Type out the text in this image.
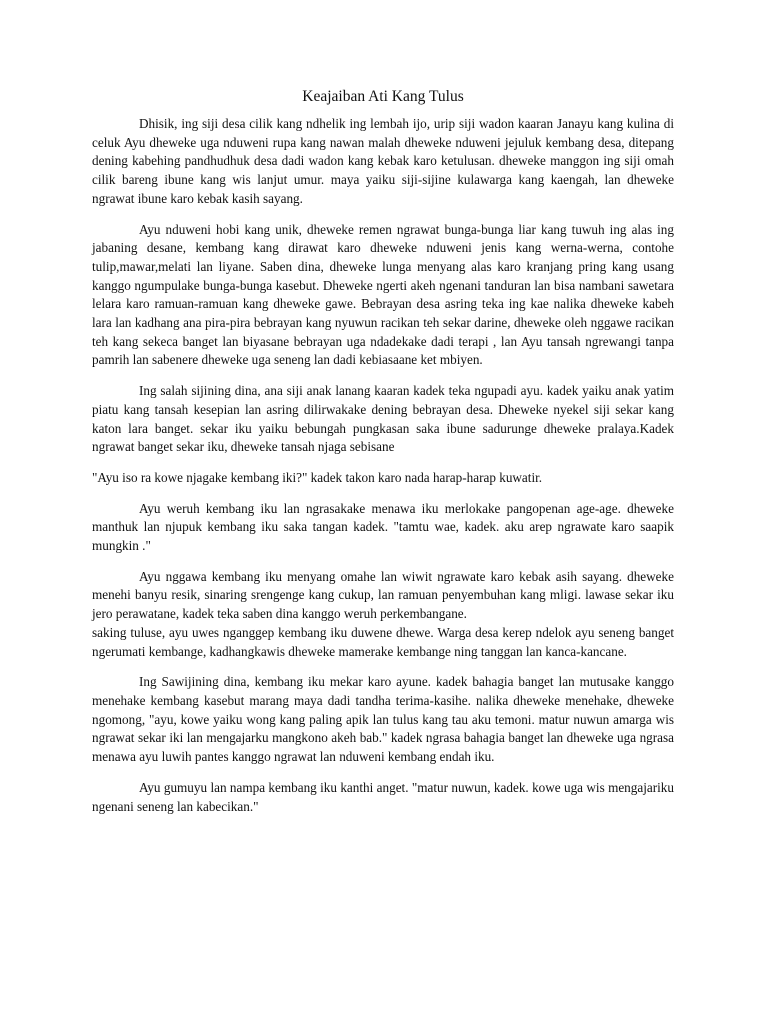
Keajaiban Ati Kang Tulus

Dhisik, ing siji desa cilik kang ndhelik ing lembah ijo, urip siji wadon kaaran Janayu kang kulina di celuk Ayu dheweke uga nduweni rupa kang nawan malah dheweke nduweni jejuluk kembang desa, ditepang dening kabehing pandhudhuk desa dadi wadon kang kebak karo ketulusan. dheweke manggon ing siji omah cilik bareng ibune kang wis lanjut umur. maya yaiku siji-sijine kulawarga kang kaengah, lan dheweke ngrawat ibune karo kebak kasih sayang.

Ayu nduweni hobi kang unik, dheweke remen ngrawat bunga-bunga liar kang tuwuh ing alas ing jabaning desane, kembang kang dirawat karo dheweke nduweni jenis kang werna-werna, contohe tulip,mawar,melati lan liyane. Saben dina, dheweke lunga menyang alas karo kranjang pring kang usang kanggo ngumpulake bunga-bunga kasebut. Dheweke ngerti akeh ngenani tanduran lan bisa nambani sawetara lelara karo ramuan-ramuan kang dheweke gawe. Bebrayan desa asring teka ing kae nalika dheweke kabeh lara lan kadhang ana pira-pira bebrayan kang nyuwun racikan teh sekar darine, dheweke oleh nggawe racikan teh kang sekeca banget lan biyasane bebrayan uga ndadekake dadi terapi , lan Ayu tansah ngrewangi tanpa pamrih lan sabenere dheweke uga seneng lan dadi kebiasaane ket mbiyen.

Ing salah sijining dina, ana siji anak lanang kaaran kadek teka ngupadi ayu. kadek yaiku anak yatim piatu kang tansah kesepian lan asring dilirwakake dening bebrayan desa. Dheweke nyekel siji sekar kang katon lara banget. sekar iku yaiku bebungah pungkasan saka ibune sadurunge dheweke pralaya.Kadek ngrawat banget sekar iku, dheweke tansah njaga sebisane

"Ayu iso ra kowe njagake kembang iki?" kadek takon karo nada harap-harap kuwatir.

Ayu weruh kembang iku lan ngrasakake menawa iku merlokake pangopenan age-age. dheweke manthuk lan njupuk kembang iku saka tangan kadek. "tamtu wae, kadek. aku arep ngrawate karo saapik mungkin ."

Ayu nggawa kembang iku menyang omahe lan wiwit ngrawate karo kebak asih sayang. dheweke menehi banyu resik, sinaring srengenge kang cukup, lan ramuan penyembuhan kang mligi. lawase sekar iku jero perawatane, kadek teka saben dina kanggo weruh perkembangane.

saking tuluse, ayu uwes nganggep kembang iku duwene dhewe. Warga desa kerep ndelok ayu seneng banget ngerumati kembange, kadhangkawis dheweke mamerake kembange ning tanggan lan kanca-kancane.

Ing Sawijining dina, kembang iku mekar karo ayune. kadek bahagia banget lan mutusake kanggo menehake kembang kasebut marang maya dadi tandha terima-kasihe. nalika dheweke menehake, dheweke ngomong, "ayu, kowe yaiku wong kang paling apik lan tulus kang tau aku temoni. matur nuwun amarga wis ngrawat sekar iki lan mengajarku mangkono akeh bab." kadek ngrasa bahagia banget lan dheweke uga ngrasa menawa ayu luwih pantes kanggo ngrawat lan nduweni kembang endah iku.

Ayu gumuyu lan nampa kembang iku kanthi anget. "matur nuwun, kadek. kowe uga wis mengajariku ngenani seneng lan kabecikan."
